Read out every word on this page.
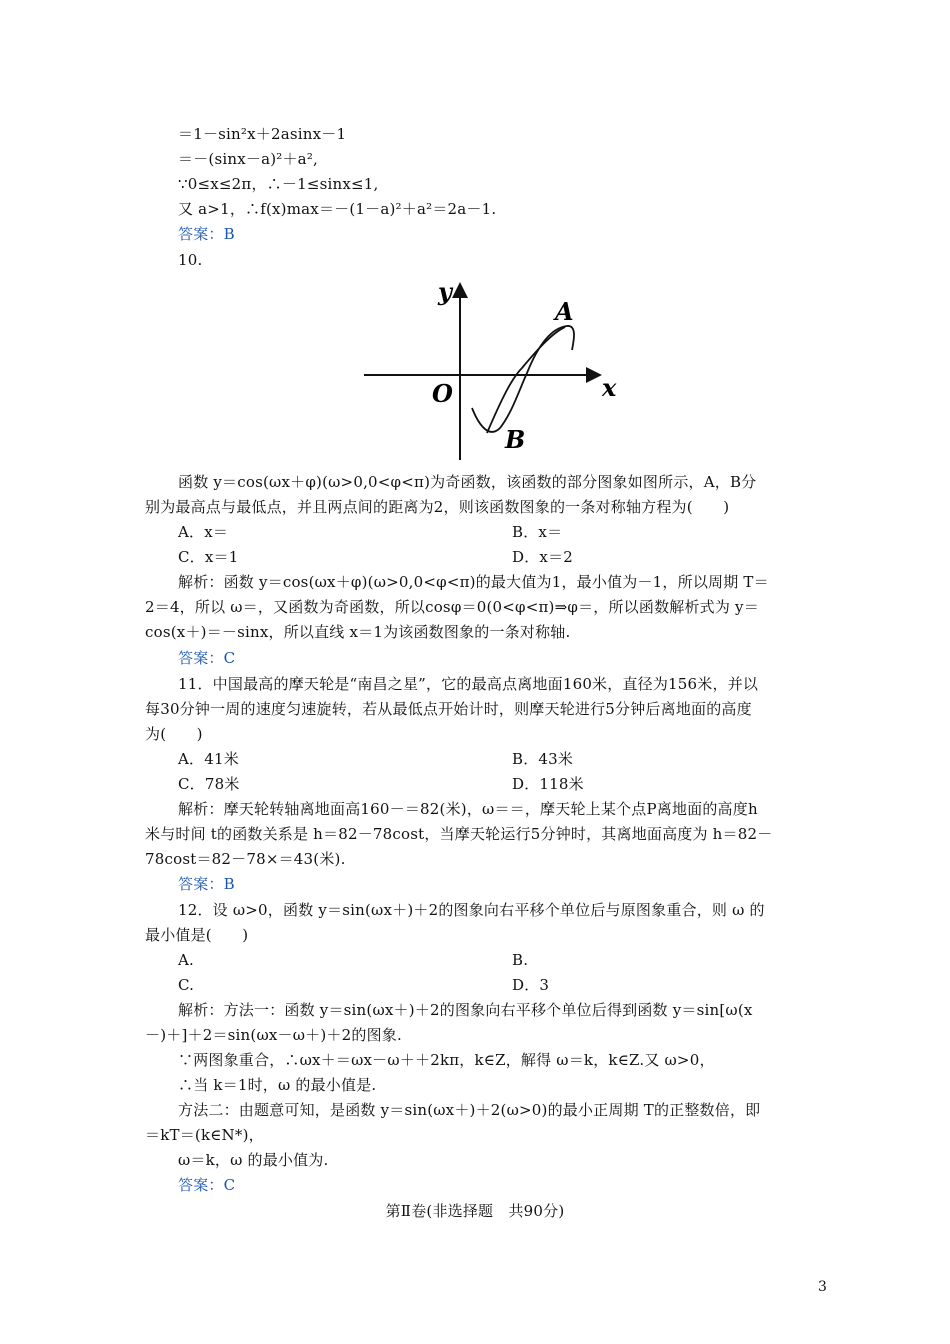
＝1－sin²x＋2asinx－1
＝－(sinx－a)²＋a²,
∵0≤x≤2π，∴－1≤sinx≤1,
又 a>1，∴f(x)max＝－(1－a)²＋a²＝2a－1.
答案：B
10.
y
x
O
A
B
函数 y＝cos(ωx＋φ)(ω>0,0<φ<π)为奇函数，该函数的部分图象如图所示，A，B分
别为最高点与最低点，并且两点间的距离为2，则该函数图象的一条对称轴方程为(　　)
A．x＝	B．x＝
C．x＝1	D．x＝2
解析：函数 y＝cos(ωx＋φ)(ω>0,0<φ<π)的最大值为1，最小值为－1，所以周期 T＝
2＝4，所以 ω＝，又函数为奇函数，所以cosφ＝0(0<φ<π)⇒φ＝，所以函数解析式为 y＝
cos(x＋)＝－sinx，所以直线 x＝1为该函数图象的一条对称轴.
答案：C
11．中国最高的摩天轮是“南昌之星”，它的最高点离地面160米，直径为156米，并以
每30分钟一周的速度匀速旋转，若从最低点开始计时，则摩天轮进行5分钟后离地面的高度
为(　　)
A．41米	B．43米
C．78米	D．118米
解析：摩天轮转轴离地面高160－＝82(米)，ω＝＝，摩天轮上某个点P离地面的高度h
米与时间 t的函数关系是 h＝82－78cost，当摩天轮运行5分钟时，其离地面高度为 h＝82－
78cost＝82－78×＝43(米).
答案：B
12．设 ω>0，函数 y＝sin(ωx＋)＋2的图象向右平移个单位后与原图象重合，则 ω 的
最小值是(　　)
A.	B.
C.	D．3
解析：方法一：函数 y＝sin(ωx＋)＋2的图象向右平移个单位后得到函数 y＝sin[ω(x
－)＋]＋2＝sin(ωx－ω＋)＋2的图象.
∵两图象重合，∴ωx＋＝ωx－ω＋＋2kπ，k∈Z，解得 ω＝k，k∈Z.又 ω>0，
∴当 k＝1时，ω 的最小值是.
方法二：由题意可知，是函数 y＝sin(ωx＋)＋2(ω>0)的最小正周期 T的正整数倍，即
＝kT＝(k∈N*)，
ω＝k，ω 的最小值为.
答案：C
第Ⅱ卷(非选择题　共90分)
3
